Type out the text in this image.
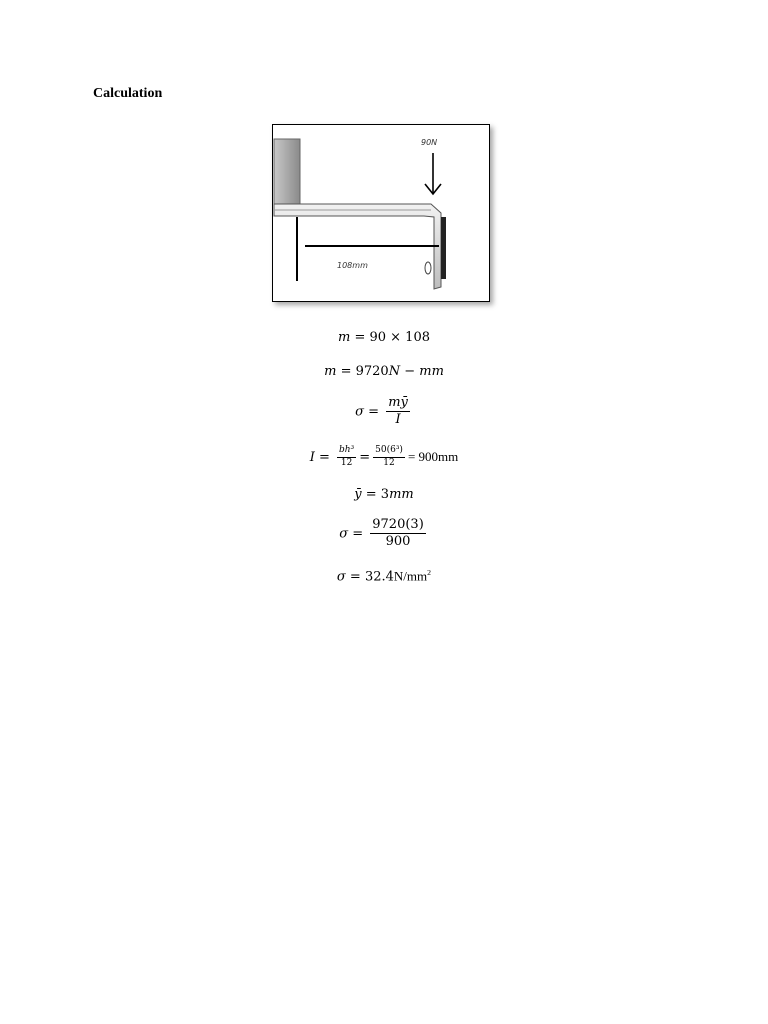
Calculation
108mm
90N
m = 90 × 108
m = 9720N − mm
$\sigma = \frac{mȳ}{I}$
$I = \frac{\text{bh³}}{12} = \frac{\text{50(6³)}}{12} = 900mm$
ȳ = 3mm
$\sigma = \frac{9720(3)}{900}$
$\sigma = 32.4N/mm^2$
